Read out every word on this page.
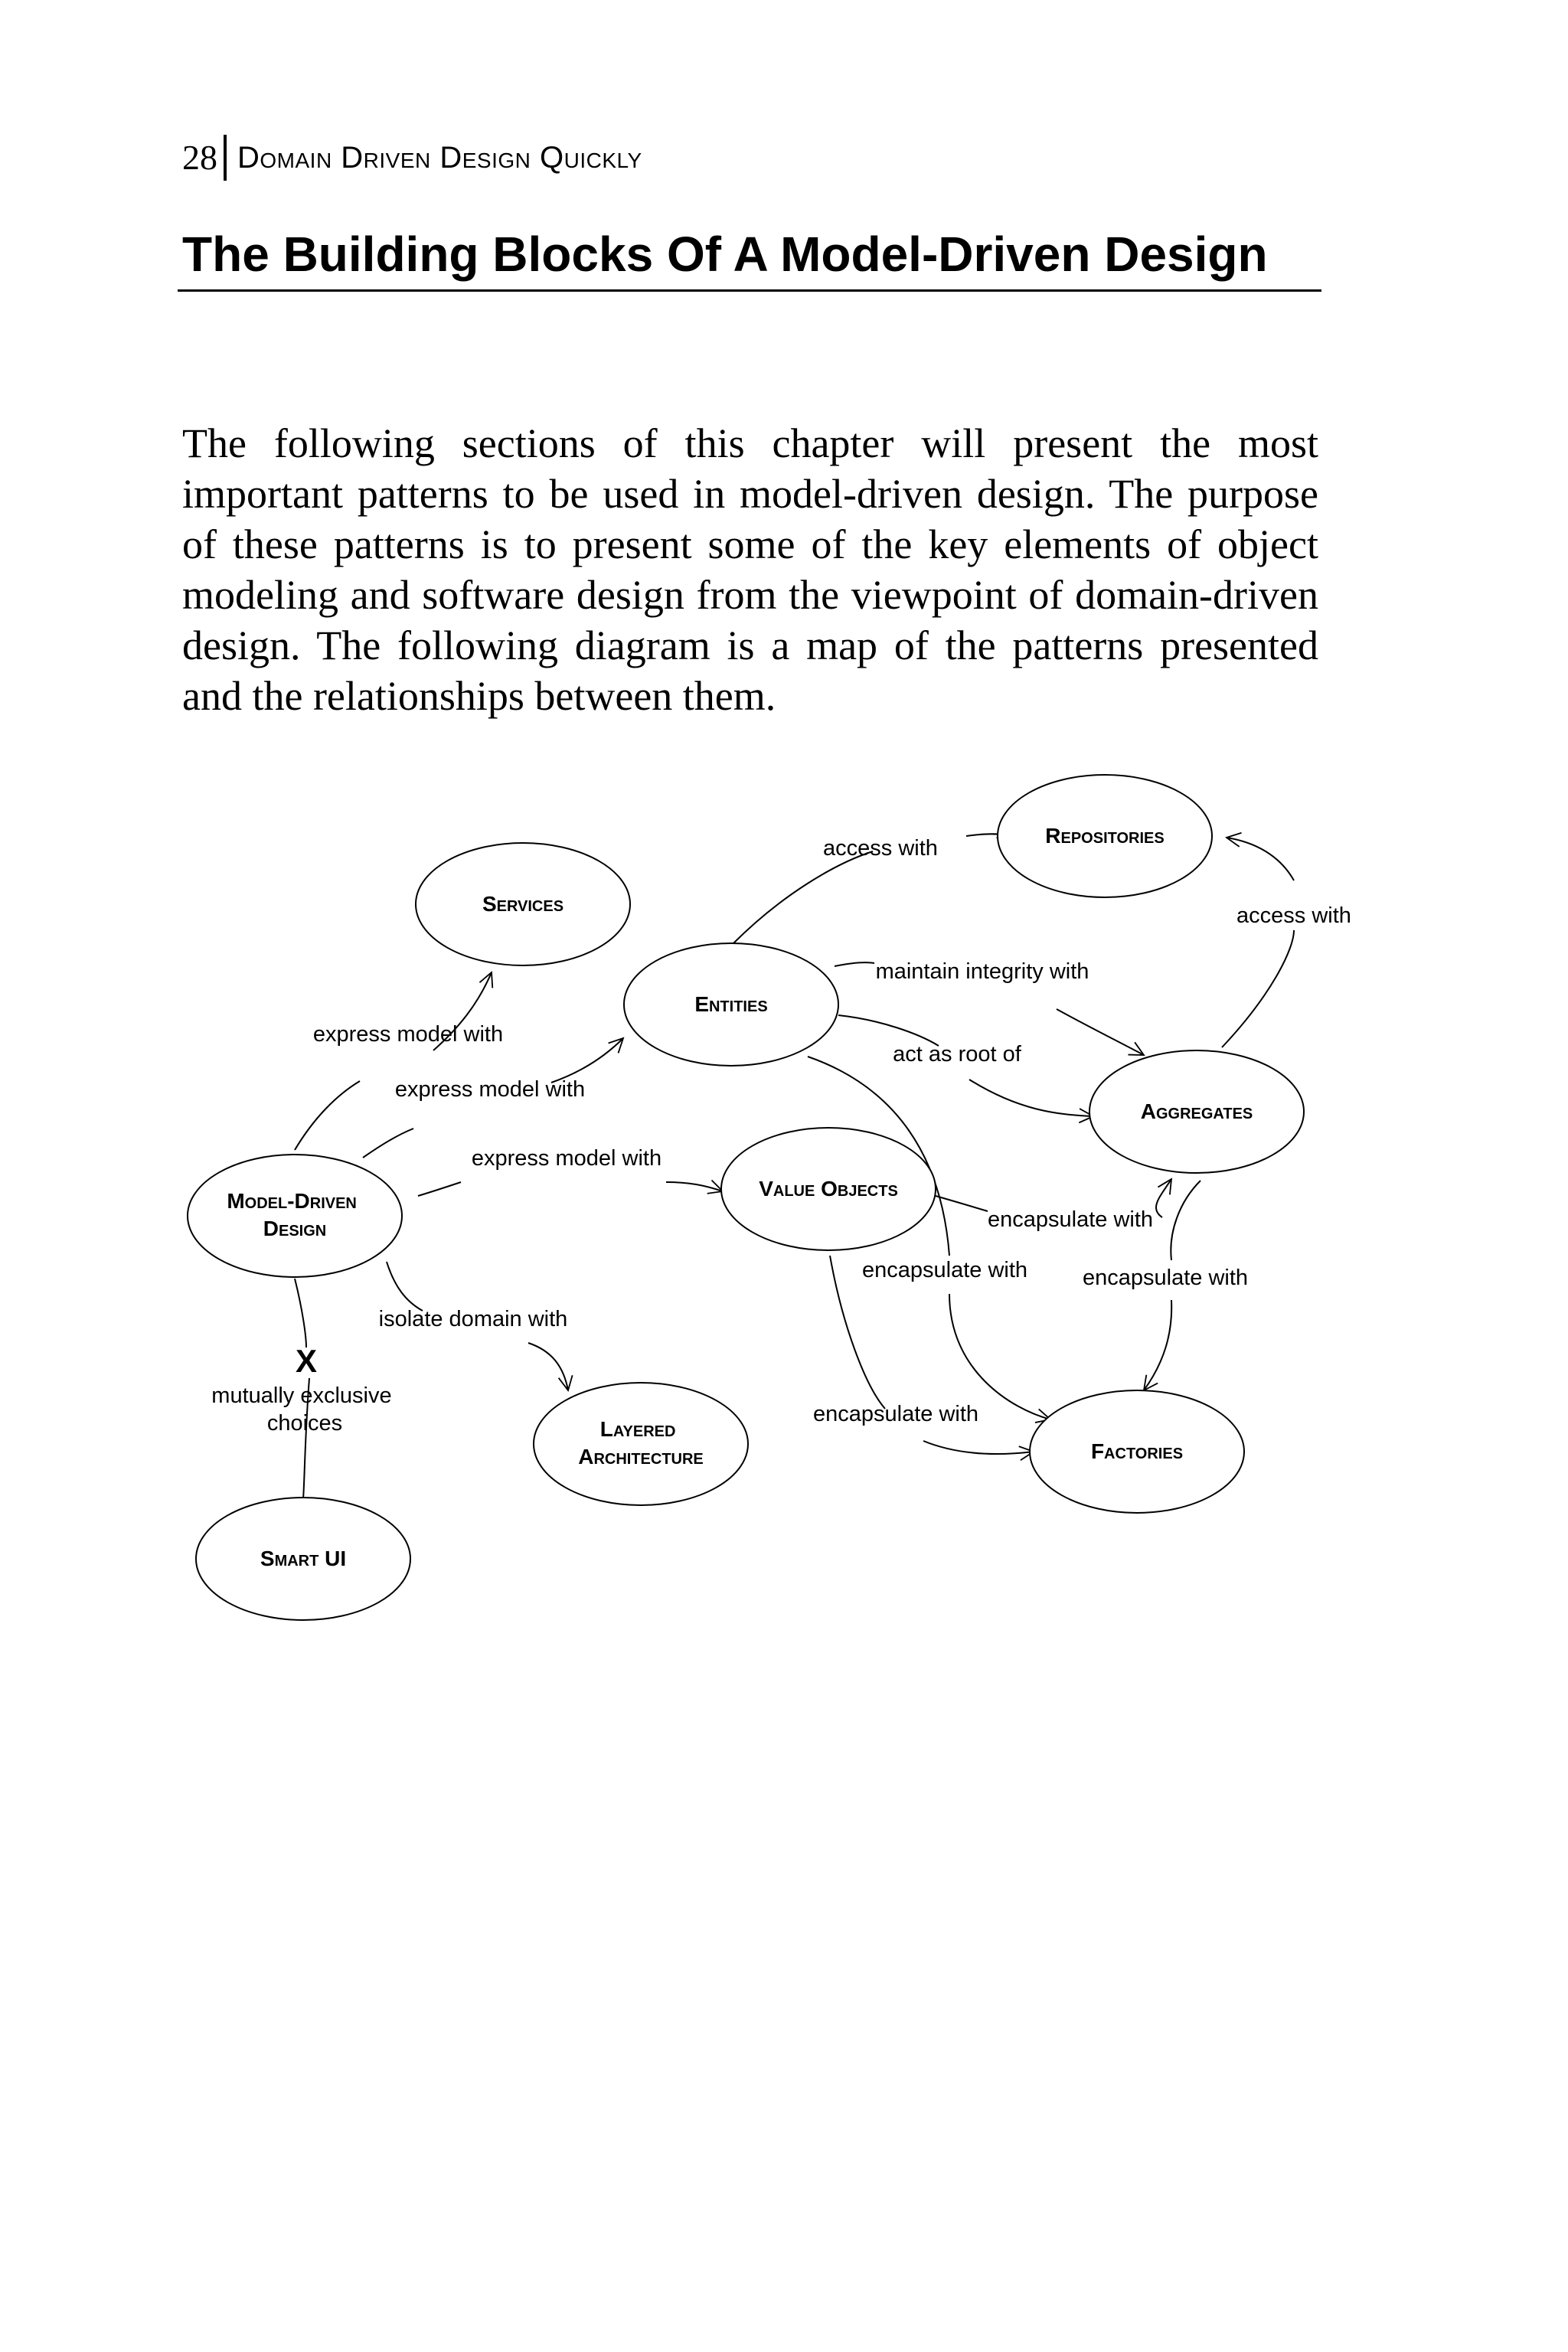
28 Domain Driven Design Quickly
The Building Blocks Of A Model-Driven Design

The following sections of this chapter will present the most important patterns to be used in model-driven design. The purpose of these patterns is to present some of the key elements of object modeling and software design from the viewpoint of domain-driven design. The following diagram is a map of the patterns presented and the relationships between them.

Repositories
Services
Entities
Aggregates
Model-Driven Design
Value Objects
Layered Architecture	Factories
Smart UI
access with
access with
maintain integrity with
express model with
express model with
act as root of
express model with
encapsulate with
encapsulate with encapsulate with
isolate domain with
encapsulate with
X
mutually exclusive choices
